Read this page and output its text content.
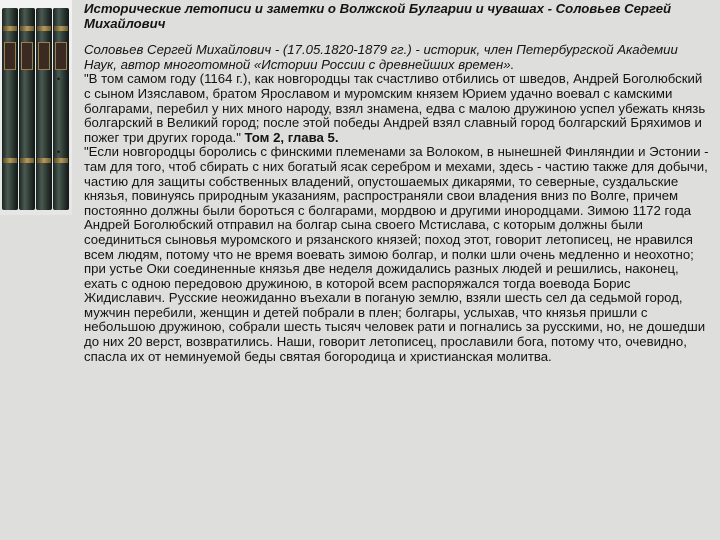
Исторические летописи и заметки о Волжской Булгарии и чувашах - Соловьев Сергей Михайлович

Соловьев Сергей Михайлович - (17.05.1820-1879 гг.) - историк, член Петербургской Академии Наук, автор многотомной «Истории России с древнейших времен».

• "В том самом году (1164 г.), как новгородцы так счастливо отбились от шведов, Андрей Боголюбский с сыном Изяславом, братом Ярославом и муромским князем Юрием удачно воевал с камскими болгарами, перебил у них много народу, взял знамена, едва с малою дружиною успел убежать князь болгарский в Великий город; после этой победы Андрей взял славный город болгарский Бряхимов и пожег три других города." Том 2, глава 5.
• "Если новгородцы боролись с финскими племенами за Волоком, в нынешней Финляндии и Эстонии - там для того, чтоб сбирать с них богатый ясак серебром и мехами, здесь - частию также для добычи, частию для защиты собственных владений, опустошаемых дикарями, то северные, суздальские князья, повинуясь природным указаниям, распространяли свои владения вниз по Волге, причем постоянно должны были бороться с болгарами, мордвою и другими инородцами. Зимою 1172 года Андрей Боголюбский отправил на болгар сына своего Мстислава, с которым должны были соединиться сыновья муромского и рязанского князей; поход этот, говорит летописец, не нравился всем людям, потому что не время воевать зимою болгар, и полки шли очень медленно и неохотно; при устье Оки соединенные князья две неделя дожидались разных людей и решились, наконец, ехать с одною передовою дружиною, в которой всем распоряжался тогда воевода Борис Жидиславич. Русские неожиданно въехали в поганую землю, взяли шесть сел да седьмой город, мужчин перебили, женщин и детей побрали в плен; болгары, услыхав, что князья пришли с небольшою дружиною, собрали шесть тысяч человек рати и погнались за русскими, но, не дошедши до них 20 верст, возвратились. Наши, говорит летописец, прославили бога, потому что, очевидно, спасла их от неминуемой беды святая богородица и христианская молитва.
